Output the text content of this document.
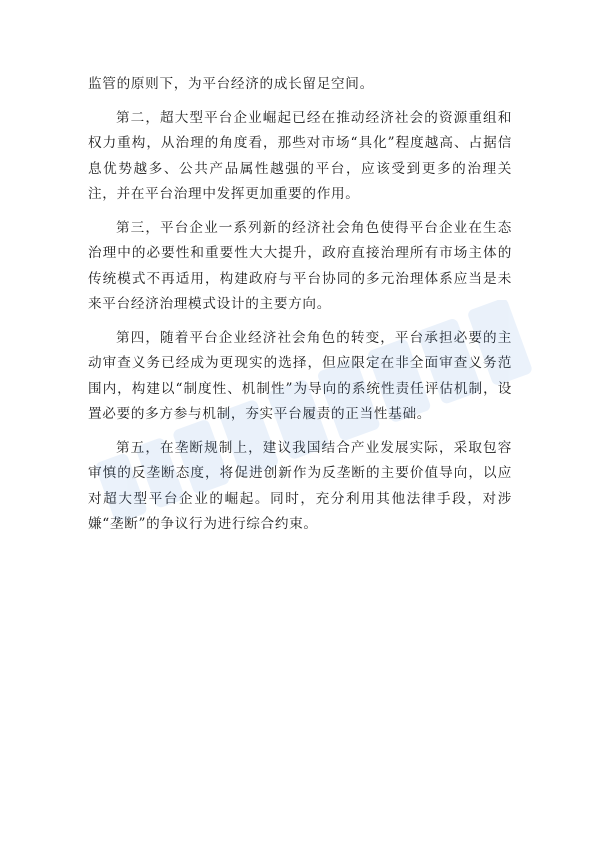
监管的原则下，为平台经济的成长留足空间。

第二，超大型平台企业崛起已经在推动经济社会的资源重组和权力重构，从治理的角度看，那些对市场“具化”程度越高、占据信息优势越多、公共产品属性越强的平台，应该受到更多的治理关注，并在平台治理中发挥更加重要的作用。

第三，平台企业一系列新的经济社会角色使得平台企业在生态治理中的必要性和重要性大大提升，政府直接治理所有市场主体的传统模式不再适用，构建政府与平台协同的多元治理体系应当是未来平台经济治理模式设计的主要方向。

第四，随着平台企业经济社会角色的转变，平台承担必要的主动审查义务已经成为更现实的选择，但应限定在非全面审查义务范围内，构建以“制度性、机制性”为导向的系统性责任评估机制，设置必要的多方参与机制，夯实平台履责的正当性基础。

第五，在垄断规制上，建议我国结合产业发展实际，采取包容审慎的反垄断态度，将促进创新作为反垄断的主要价值导向，以应对超大型平台企业的崛起。同时，充分利用其他法律手段，对涉嫌“垄断”的争议行为进行综合约束。
